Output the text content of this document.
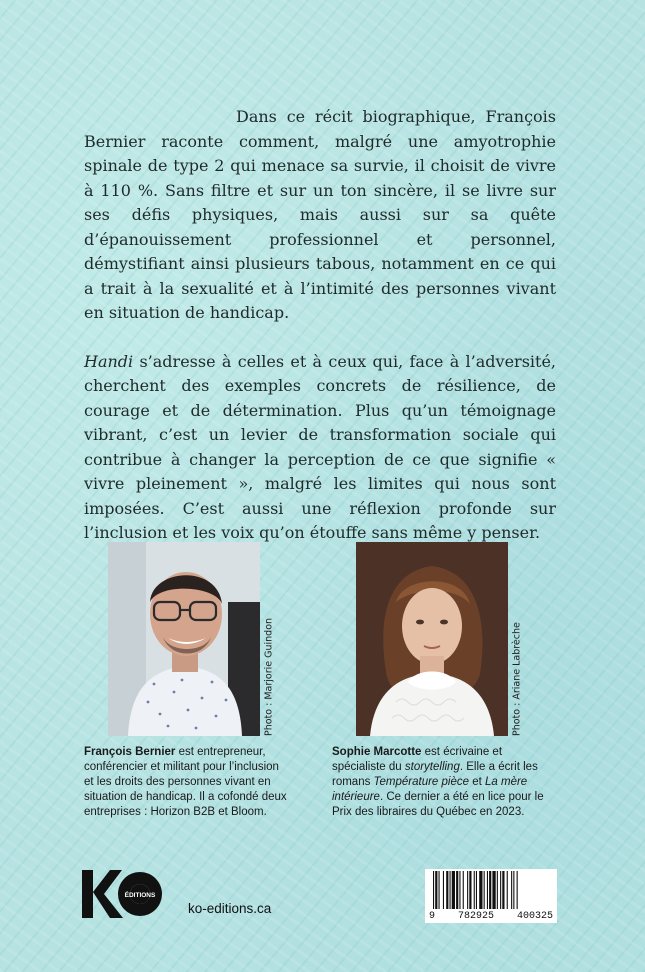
Dans ce récit biographique, François Bernier raconte comment, malgré une amyotrophie spinale de type 2 qui menace sa survie, il choisit de vivre à 110 %. Sans filtre et sur un ton sincère, il se livre sur ses défis physiques, mais aussi sur sa quête d’épanouissement professionnel et personnel, démystifiant ainsi plusieurs tabous, notamment en ce qui a trait à la sexualité et à l’intimité des personnes vivant en situation de handicap.

Handi s’adresse à celles et à ceux qui, face à l’adversité, cherchent des exemples concrets de résilience, de courage et de détermination. Plus qu’un témoignage vibrant, c’est un levier de transformation sociale qui contribue à changer la perception de ce que signifie « vivre pleinement », malgré les limites qui nous sont imposées. C’est aussi une réflexion profonde sur l’inclusion et les voix qu’on étouffe sans même y penser.

Photo : Marjorie Guindon	Photo : Ariane Labrèche
François Bernier est entrepreneur, conférencier et militant pour l’inclusion et les droits des personnes vivant en situation de handicap. Il a cofondé deux entreprises : Horizon B2B et Bloom.
Sophie Marcotte est écrivaine et spécialiste du storytelling. Elle a écrit les romans Température pièce et La mère intérieure. Ce dernier a été en lice pour le Prix des libraires du Québec en 2023.
ÉDITIONS
ko-editions.ca
9 782925 400325
